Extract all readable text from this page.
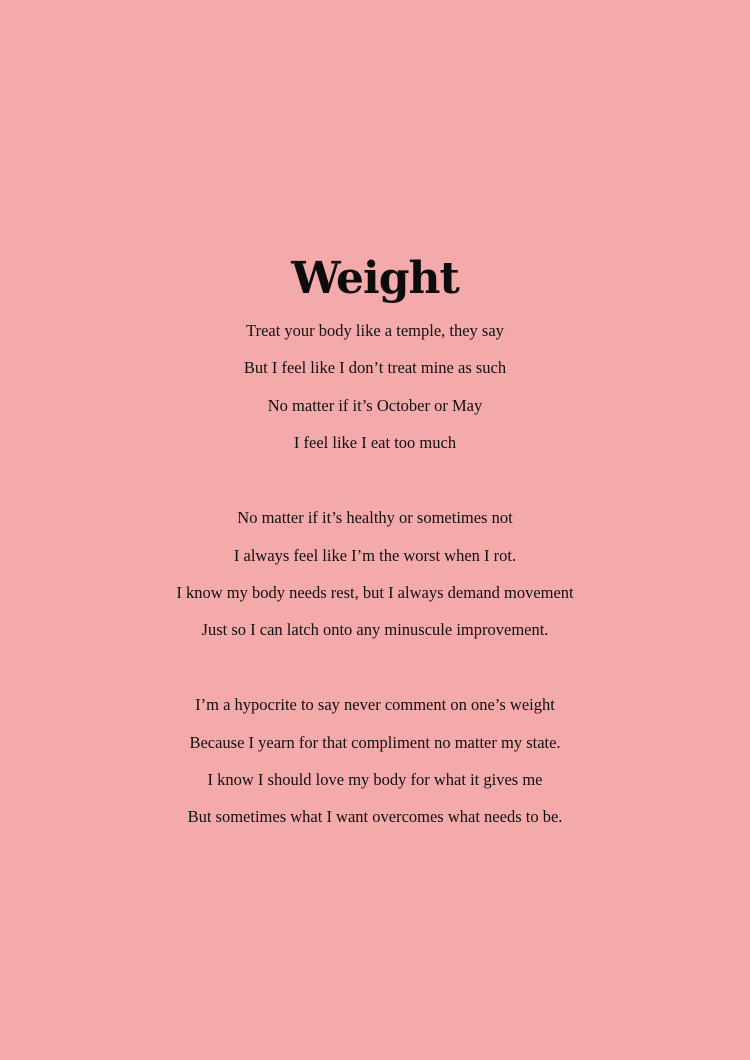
Weight
Treat your body like a temple, they say
But I feel like I don’t treat mine as such
No matter if it’s October or May
I feel like I eat too much
No matter if it’s healthy or sometimes not
I always feel like I’m the worst when I rot.
I know my body needs rest, but I always demand movement
Just so I can latch onto any minuscule improvement.
I’m a hypocrite to say never comment on one’s weight
Because I yearn for that compliment no matter my state.
I know I should love my body for what it gives me
But sometimes what I want overcomes what needs to be.
